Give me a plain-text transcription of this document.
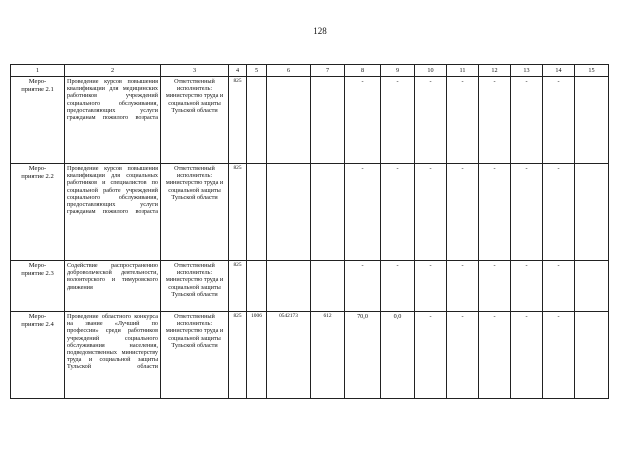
128
1	2	3	4	5	6	7	8	9	10	11	12	13	14	15
Меро-
приятие 2.1	Проведение курсов повышения квалификации для медицинских работников учреждений социального обслуживания, предоставляющих услуги гражданам пожилого возраста	Ответственный исполнитель: министерство труда и социальной защиты Тульской области	825				-	-	-	-	-	-	-	
Меро-
приятие 2.2	Проведение курсов повышения квалификации для социальных работников и специалистов по социальной работе учреждений социального обслуживания, предоставляющих услуги гражданам пожилого возраста	Ответственный исполнитель: министерство труда и социальной защиты Тульской области	825				-	-	-	-	-	-	-	
Меро-
приятие 2.3	Содействие распространению добровольческой деятельности, волонтерского и тимуровского движения	Ответственный исполнитель: министерство труда и социальной защиты Тульской области	825				-	-	-	-	-	-	-	
Меро-
приятие 2.4	Проведение областного конкурса на звание «Лучший по профессии» среди работников учреждений социального обслуживания населения, подведомственных министерству труда и социальной защиты Тульской области	Ответственный исполнитель: министерство труда и социальной защиты Тульской области	825	1006	0542173	612	70,0	0,0	-	-	-	-	-	
